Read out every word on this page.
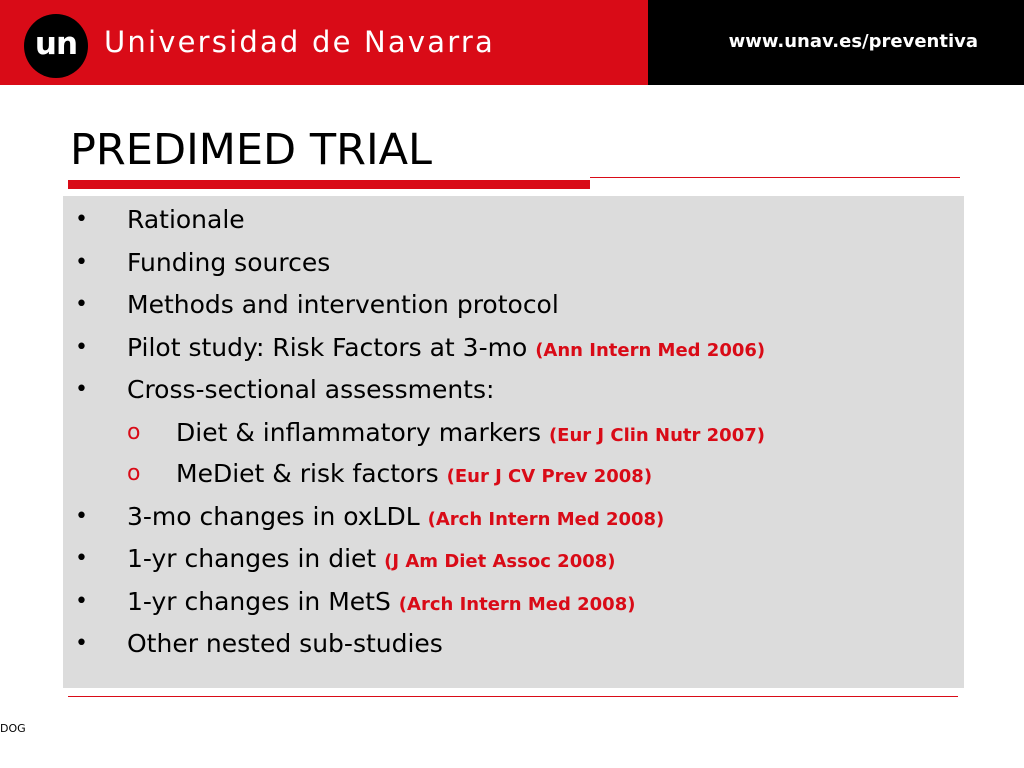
un Universidad de Navarra	www.unav.es/preventiva
PREDIMED TRIAL
• Rationale
• Funding sources
• Methods and intervention protocol
• Pilot study: Risk Factors at 3-mo (Ann Intern Med 2006)
• Cross-sectional assessments:
o Diet & inflammatory markers (Eur J Clin Nutr 2007)
o MeDiet & risk factors (Eur J CV Prev 2008)
• 3-mo changes in oxLDL (Arch Intern Med 2008)
• 1-yr changes in diet (J Am Diet Assoc 2008)
• 1-yr changes in MetS (Arch Intern Med 2008)
• Other nested sub-studies
DOG
